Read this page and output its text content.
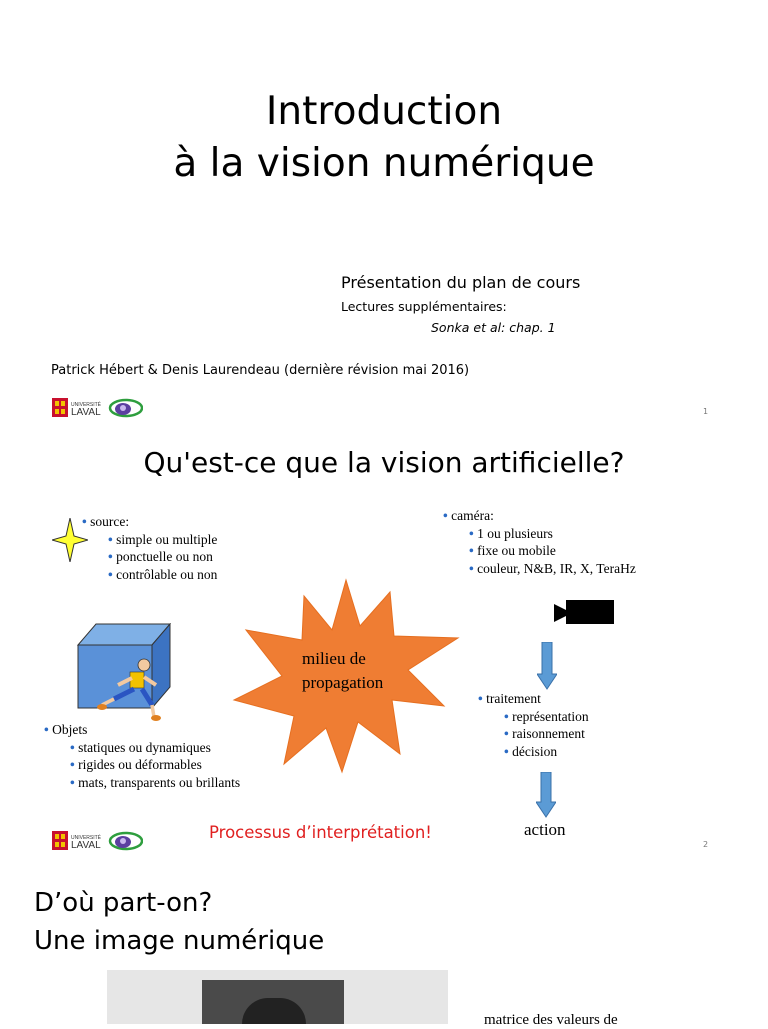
Introduction
à la vision numérique
Présentation du plan de cours
Lectures supplémentaires:
Sonka et al: chap. 1
Patrick Hébert & Denis Laurendeau (dernière révision mai 2016)
UNIVERSITÉ
LAVAL	1
Qu'est-ce que la vision artificielle?
• source:
• simple ou multiple
• ponctuelle ou non
• contrôlable ou non
• caméra:
• 1 ou plusieurs
• fixe ou mobile
• couleur, N&B, IR, X, TeraHz
milieu de
propagation
• traitement
• représentation
• raisonnement
• décision
• Objets
• statiques ou dynamiques
• rigides ou déformables
• mats, transparents ou brillants
action
UNIVERSITÉ
LAVAL
Processus d’interprétation!
2
D’où part-on?
Une image numérique
matrice des valeurs de
